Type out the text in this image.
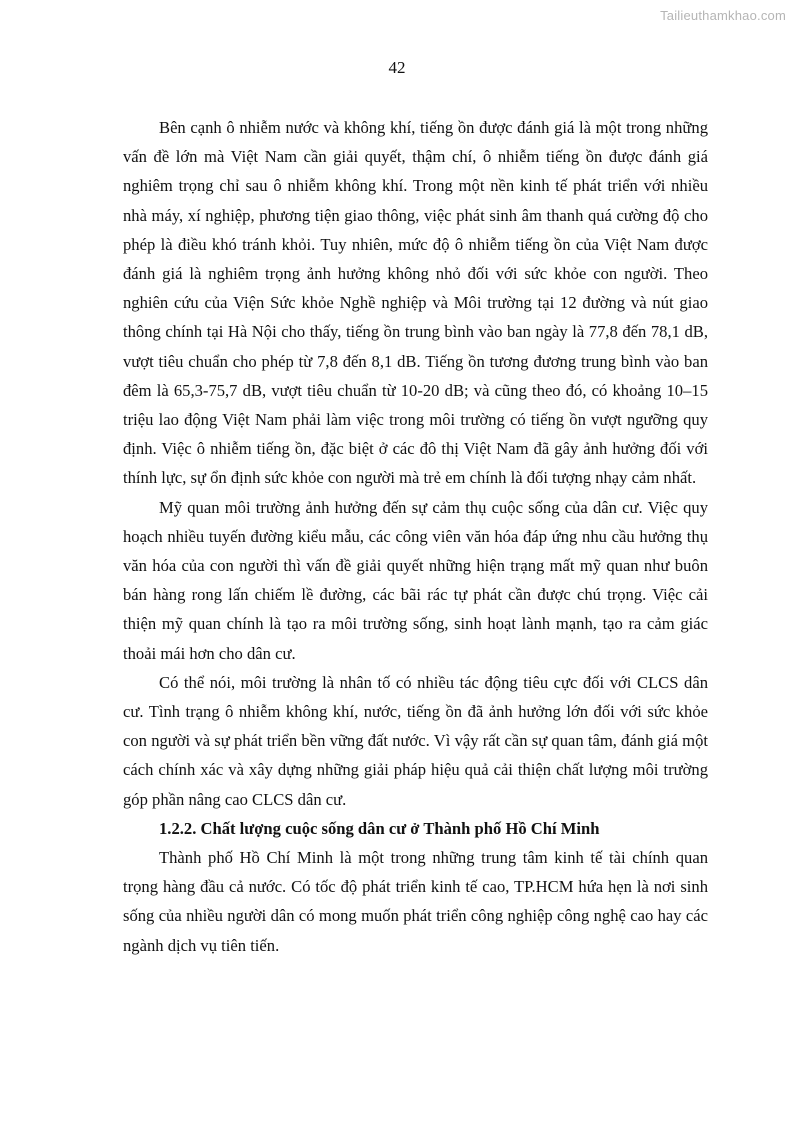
Tailieuthamkhao.com
42

Bên cạnh ô nhiễm nước và không khí, tiếng ồn được đánh giá là một trong những vấn đề lớn mà Việt Nam cần giải quyết, thậm chí, ô nhiễm tiếng ồn được đánh giá nghiêm trọng chỉ sau ô nhiễm không khí. Trong một nền kinh tế phát triển với nhiều nhà máy, xí nghiệp, phương tiện giao thông, việc phát sinh âm thanh quá cường độ cho phép là điều khó tránh khỏi. Tuy nhiên, mức độ ô nhiễm tiếng ồn của Việt Nam được đánh giá là nghiêm trọng ảnh hưởng không nhỏ đối với sức khỏe con người. Theo nghiên cứu của Viện Sức khỏe Nghề nghiệp và Môi trường tại 12 đường và nút giao thông chính tại Hà Nội cho thấy, tiếng ồn trung bình vào ban ngày là 77,8 đến 78,1 dB, vượt tiêu chuẩn cho phép từ 7,8 đến 8,1 dB. Tiếng ồn tương đương trung bình vào ban đêm là 65,3-75,7 dB, vượt tiêu chuẩn từ 10-20 dB; và cũng theo đó, có khoảng 10–15 triệu lao động Việt Nam phải làm việc trong môi trường có tiếng ồn vượt ngưỡng quy định. Việc ô nhiễm tiếng ồn, đặc biệt ở các đô thị Việt Nam đã gây ảnh hưởng đối với thính lực, sự ổn định sức khỏe con người mà trẻ em chính là đối tượng nhạy cảm nhất.

Mỹ quan môi trường ảnh hưởng đến sự cảm thụ cuộc sống của dân cư. Việc quy hoạch nhiều tuyến đường kiểu mẫu, các công viên văn hóa đáp ứng nhu cầu hưởng thụ văn hóa của con người thì vấn đề giải quyết những hiện trạng mất mỹ quan như buôn bán hàng rong lấn chiếm lề đường, các bãi rác tự phát cần được chú trọng. Việc cải thiện mỹ quan chính là tạo ra môi trường sống, sinh hoạt lành mạnh, tạo ra cảm giác thoải mái hơn cho dân cư.

Có thể nói, môi trường là nhân tố có nhiều tác động tiêu cực đối với CLCS dân cư. Tình trạng ô nhiễm không khí, nước, tiếng ồn đã ảnh hưởng lớn đối với sức khỏe con người và sự phát triển bền vững đất nước. Vì vậy rất cần sự quan tâm, đánh giá một cách chính xác và xây dựng những giải pháp hiệu quả cải thiện chất lượng môi trường góp phần nâng cao CLCS dân cư.

1.2.2. Chất lượng cuộc sống dân cư ở Thành phố Hồ Chí Minh

Thành phố Hồ Chí Minh là một trong những trung tâm kinh tế tài chính quan trọng hàng đầu cả nước. Có tốc độ phát triển kinh tế cao, TP.HCM hứa hẹn là nơi sinh sống của nhiều người dân có mong muốn phát triển công nghiệp công nghệ cao hay các ngành dịch vụ tiên tiến.
